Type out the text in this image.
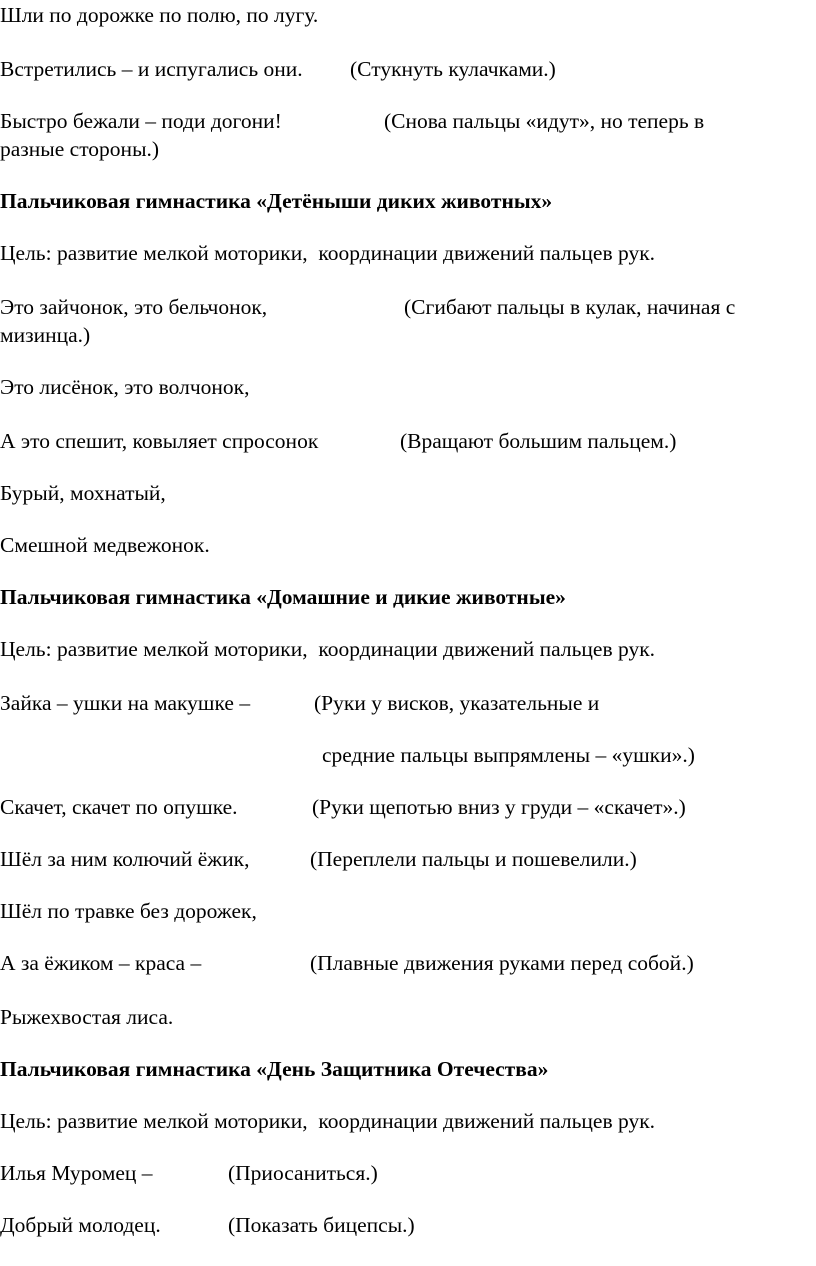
Шли по дорожке по полю, по лугу.
Встретились – и испугались они. (Стукнуть кулачками.)
Быстро бежали – поди догони!	(Снова пальцы «идут», но теперь в
разные стороны.)
Пальчиковая гимнастика «Детёныши диких животных»
Цель: развитие мелкой моторики,  координации движений пальцев рук.
Это зайчонок, это бельчонок,	(Сгибают пальцы в кулак, начиная с
мизинца.)
Это лисёнок, это волчонок,
А это спешит, ковыляет спросонок	(Вращают большим пальцем.)
Бурый, мохнатый,
Смешной медвежонок.
Пальчиковая гимнастика «Домашние и дикие животные»
Цель: развитие мелкой моторики,  координации движений пальцев рук.
Зайка – ушки на макушке –	(Руки у висков, указательные и
средние пальцы выпрямлены – «ушки».)
Скачет, скачет по опушке.	(Руки щепотью вниз у груди – «скачет».)
Шёл за ним колючий ёжик,	(Переплели пальцы и пошевелили.)
Шёл по травке без дорожек,
А за ёжиком – краса –	(Плавные движения руками перед собой.)
Рыжехвостая лиса.
Пальчиковая гимнастика «День Защитника Отечества»
Цель: развитие мелкой моторики,  координации движений пальцев рук.
Илья Муромец –	(Приосаниться.)
Добрый молодец.	(Показать бицепсы.)
